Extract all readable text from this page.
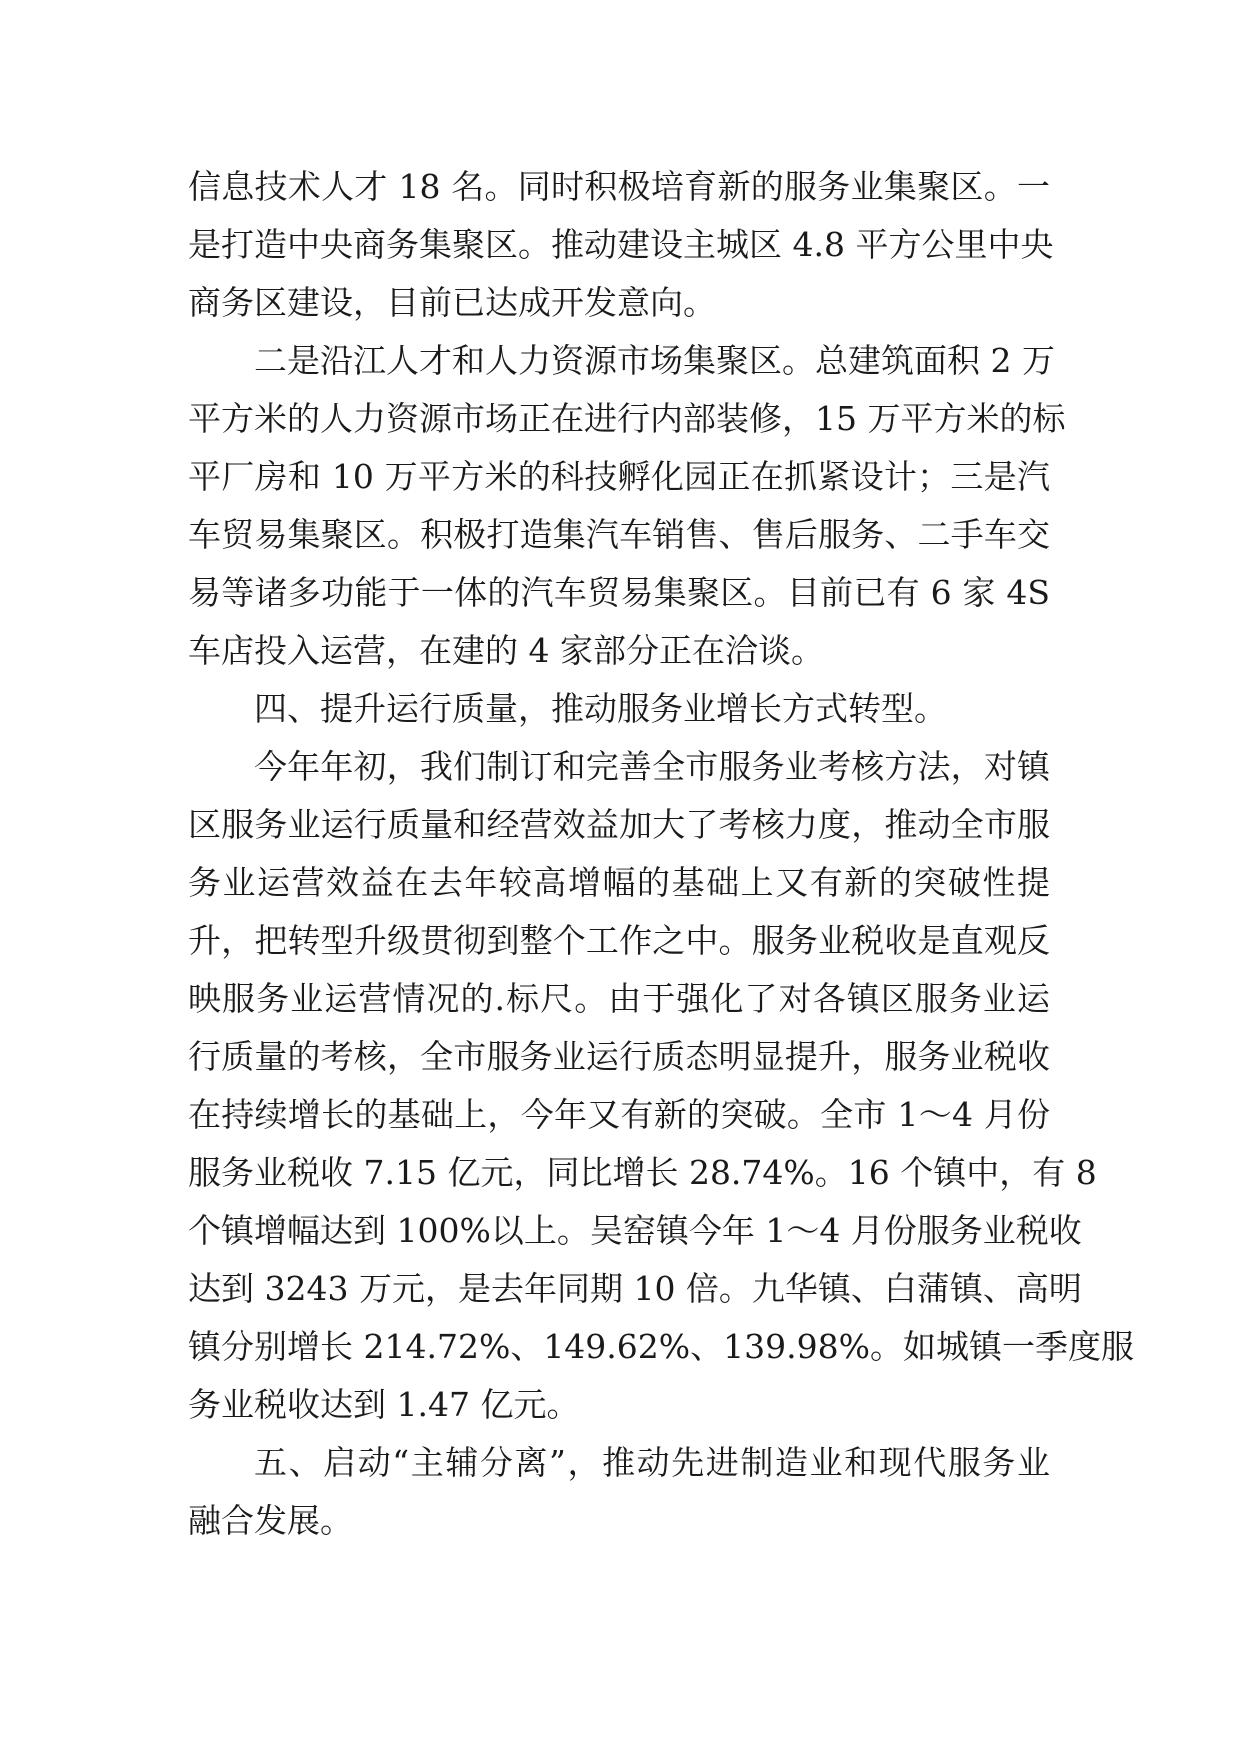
信息技术人才 18 名。同时积极培育新的服务业集聚区。一
是打造中央商务集聚区。推动建设主城区 4.8 平方公里中央
商务区建设，目前已达成开发意向。
二是沿江人才和人力资源市场集聚区。总建筑面积 2 万
平方米的人力资源市场正在进行内部装修，15 万平方米的标
平厂房和 10 万平方米的科技孵化园正在抓紧设计；三是汽
车贸易集聚区。积极打造集汽车销售、售后服务、二手车交
易等诸多功能于一体的汽车贸易集聚区。目前已有 6 家 4S
车店投入运营，在建的 4 家部分正在洽谈。
四、提升运行质量，推动服务业增长方式转型。
今年年初，我们制订和完善全市服务业考核方法，对镇
区服务业运行质量和经营效益加大了考核力度，推动全市服
务业运营效益在去年较高增幅的基础上又有新的突破性提
升，把转型升级贯彻到整个工作之中。服务业税收是直观反
映服务业运营情况的.标尺。由于强化了对各镇区服务业运
行质量的考核，全市服务业运行质态明显提升，服务业税收
在持续增长的基础上，今年又有新的突破。全市 1～4 月份
服务业税收 7.15 亿元，同比增长 28.74%。16 个镇中，有 8
个镇增幅达到 100%以上。吴窑镇今年 1～4 月份服务业税收
达到 3243 万元，是去年同期 10 倍。九华镇、白蒲镇、高明
镇分别增长 214.72%、149.62%、139.98%。如城镇一季度服
务业税收达到 1.47 亿元。
五、启动“主辅分离”，推动先进制造业和现代服务业
融合发展。
